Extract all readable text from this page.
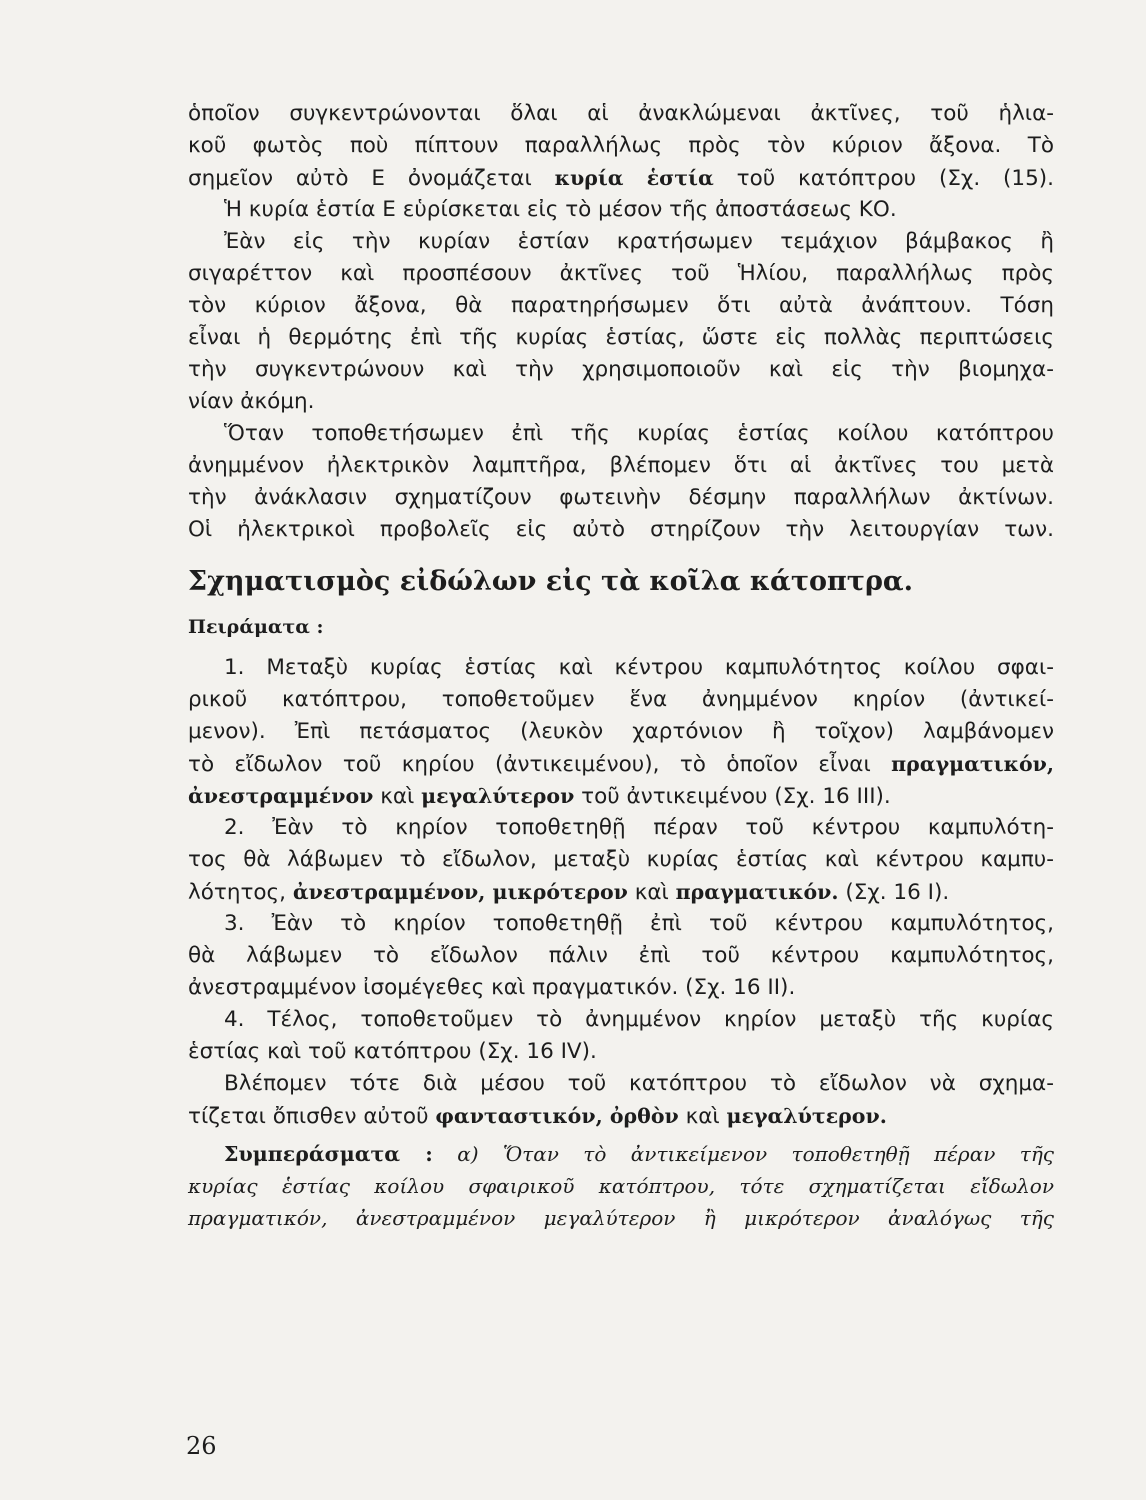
ὁποῖον συγκεντρώνονται ὅλαι αἱ ἀνακλώμεναι ἀκτῖνες, τοῦ ἡλια-
κοῦ φωτὸς ποὺ πίπτουν παραλλήλως πρὸς τὸν κύριον ἄξονα. Τὸ
σημεῖον αὐτὸ Ε ὀνομάζεται κυρία ἑστία τοῦ κατόπτρου (Σχ. (15).
Ἡ κυρία ἑστία Ε εὑρίσκεται εἰς τὸ μέσον τῆς ἀποστάσεως ΚΟ.
Ἐὰν εἰς τὴν κυρίαν ἑστίαν κρατήσωμεν τεμάχιον βάμβακος ἢ
σιγαρέττον καὶ προσπέσουν ἀκτῖνες τοῦ Ἡλίου, παραλλήλως πρὸς
τὸν κύριον ἄξονα, θὰ παρατηρήσωμεν ὅτι αὐτὰ ἀνάπτουν. Τόση
εἶναι ἡ θερμότης ἐπὶ τῆς κυρίας ἑστίας, ὥστε εἰς πολλὰς περιπτώσεις
τὴν συγκεντρώνουν καὶ τὴν χρησιμοποιοῦν καὶ εἰς τὴν βιομηχα-
νίαν ἀκόμη.
Ὅταν τοποθετήσωμεν ἐπὶ τῆς κυρίας ἑστίας κοίλου κατόπτρου
ἀνημμένον ἠλεκτρικὸν λαμπτῆρα, βλέπομεν ὅτι αἱ ἀκτῖνες του μετὰ
τὴν ἀνάκλασιν σχηματίζουν φωτεινὴν δέσμην παραλλήλων ἀκτίνων.
Οἱ ἠλεκτρικοὶ προβολεῖς εἰς αὐτὸ στηρίζουν τὴν λειτουργίαν των.
Σχηματισμὸς εἰδώλων εἰς τὰ κοῖλα κάτοπτρα.
Πειράματα :
1. Μεταξὺ κυρίας ἑστίας καὶ κέντρου καμπυλότητος κοίλου σφαι-
ρικοῦ κατόπτρου, τοποθετοῦμεν ἕνα ἀνημμένον κηρίον (ἀντικεί-
μενον). Ἐπὶ πετάσματος (λευκὸν χαρτόνιον ἢ τοῖχον) λαμβάνομεν
τὸ εἴδωλον τοῦ κηρίου (ἀντικειμένου), τὸ ὁποῖον εἶναι πραγματικόν,
ἀνεστραμμένον καὶ μεγαλύτερον τοῦ ἀντικειμένου (Σχ. 16 III).
2. Ἐὰν τὸ κηρίον τοποθετηθῇ πέραν τοῦ κέντρου καμπυλότη-
τος θὰ λάβωμεν τὸ εἴδωλον, μεταξὺ κυρίας ἑστίας καὶ κέντρου καμπυ-
λότητος, ἀνεστραμμένον, μικρότερον καὶ πραγματικόν. (Σχ. 16 I).
3. Ἐὰν τὸ κηρίον τοποθετηθῇ ἐπὶ τοῦ κέντρου καμπυλότητος,
θὰ λάβωμεν τὸ εἴδωλον πάλιν ἐπὶ τοῦ κέντρου καμπυλότητος,
ἀνεστραμμένον ἰσομέγεθες καὶ πραγματικόν. (Σχ. 16 II).
4. Τέλος, τοποθετοῦμεν τὸ ἀνημμένον κηρίον μεταξὺ τῆς κυρίας
ἑστίας καὶ τοῦ κατόπτρου (Σχ. 16 IV).
Βλέπομεν τότε διὰ μέσου τοῦ κατόπτρου τὸ εἴδωλον νὰ σχημα-
τίζεται ὄπισθεν αὐτοῦ φανταστικόν, ὀρθὸν καὶ μεγαλύτερον.
Συμπεράσματα : α) Ὅταν τὸ ἀντικείμενον τοποθετηθῇ πέραν τῆς
κυρίας ἑστίας κοίλου σφαιρικοῦ κατόπτρου, τότε σχηματίζεται εἴδωλον
πραγματικόν, ἀνεστραμμένον μεγαλύτερον ἢ μικρότερον ἀναλόγως τῆς
26
